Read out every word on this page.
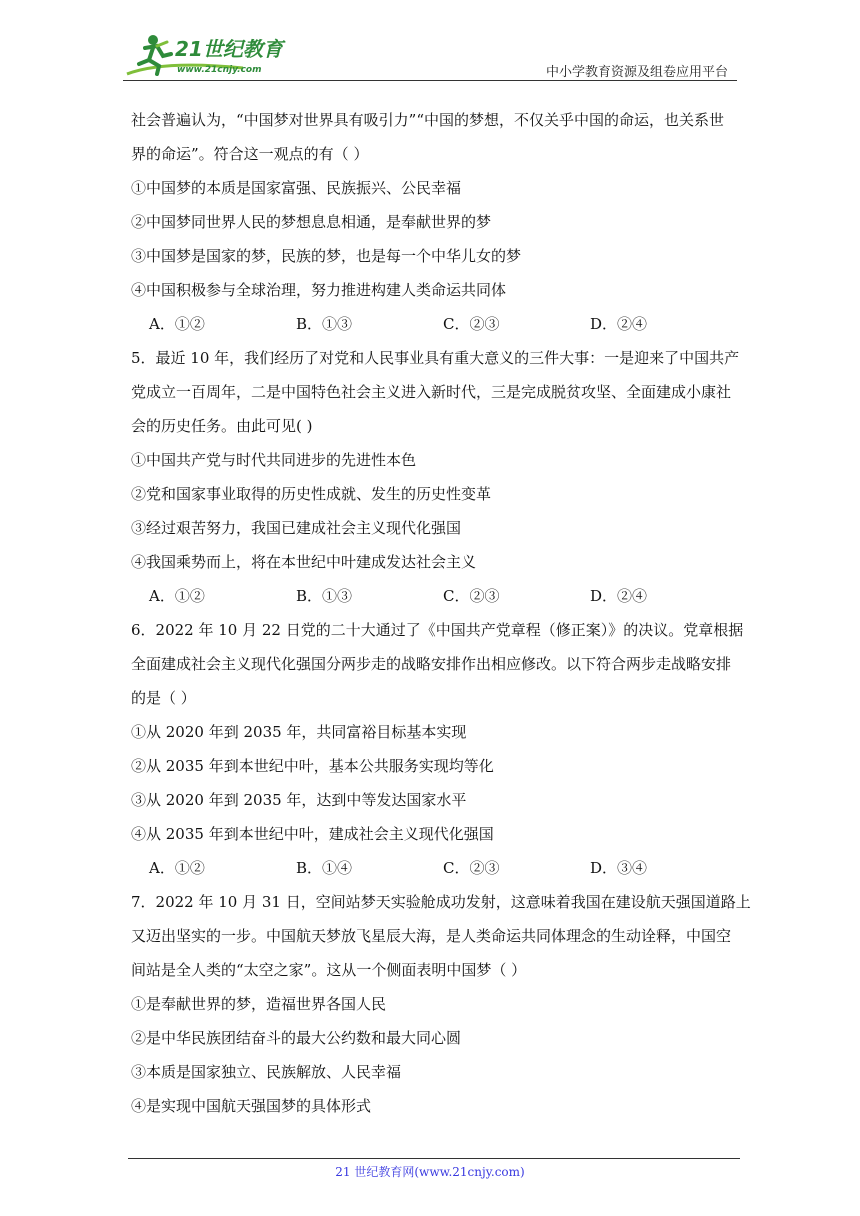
21世纪教育
www.21cnjy.com	中小学教育资源及组卷应用平台
社会普遍认为，“中国梦对世界具有吸引力”“中国的梦想，不仅关乎中国的命运，也关系世
界的命运”。符合这一观点的有（ ）
①中国梦的本质是国家富强、民族振兴、公民幸福
②中国梦同世界人民的梦想息息相通，是奉献世界的梦
③中国梦是国家的梦，民族的梦，也是每一个中华儿女的梦
④中国积极参与全球治理，努力推进构建人类命运共同体
A．①②	B．①③	C．②③	D．②④
5．最近 10 年，我们经历了对党和人民事业具有重大意义的三件大事：一是迎来了中国共产
党成立一百周年，二是中国特色社会主义进入新时代，三是完成脱贫攻坚、全面建成小康社
会的历史任务。由此可见( )
①中国共产党与时代共同进步的先进性本色
②党和国家事业取得的历史性成就、发生的历史性变革
③经过艰苦努力，我国已建成社会主义现代化强国
④我国乘势而上，将在本世纪中叶建成发达社会主义
A．①②	B．①③	C．②③	D．②④
6．2022 年 10 月 22 日党的二十大通过了《中国共产党章程（修正案）》的决议。党章根据
全面建成社会主义现代化强国分两步走的战略安排作出相应修改。以下符合两步走战略安排
的是（ ）
①从 2020 年到 2035 年，共同富裕目标基本实现
②从 2035 年到本世纪中叶，基本公共服务实现均等化
③从 2020 年到 2035 年，达到中等发达国家水平
④从 2035 年到本世纪中叶，建成社会主义现代化强国
A．①②	B．①④	C．②③	D．③④
7．2022 年 10 月 31 日，空间站梦天实验舱成功发射，这意味着我国在建设航天强国道路上
又迈出坚实的一步。中国航天梦放飞星辰大海，是人类命运共同体理念的生动诠释，中国空
间站是全人类的“太空之家”。这从一个侧面表明中国梦（ ）
①是奉献世界的梦，造福世界各国人民
②是中华民族团结奋斗的最大公约数和最大同心圆
③本质是国家独立、民族解放、人民幸福
④是实现中国航天强国梦的具体形式
21 世纪教育网(www.21cnjy.com)
